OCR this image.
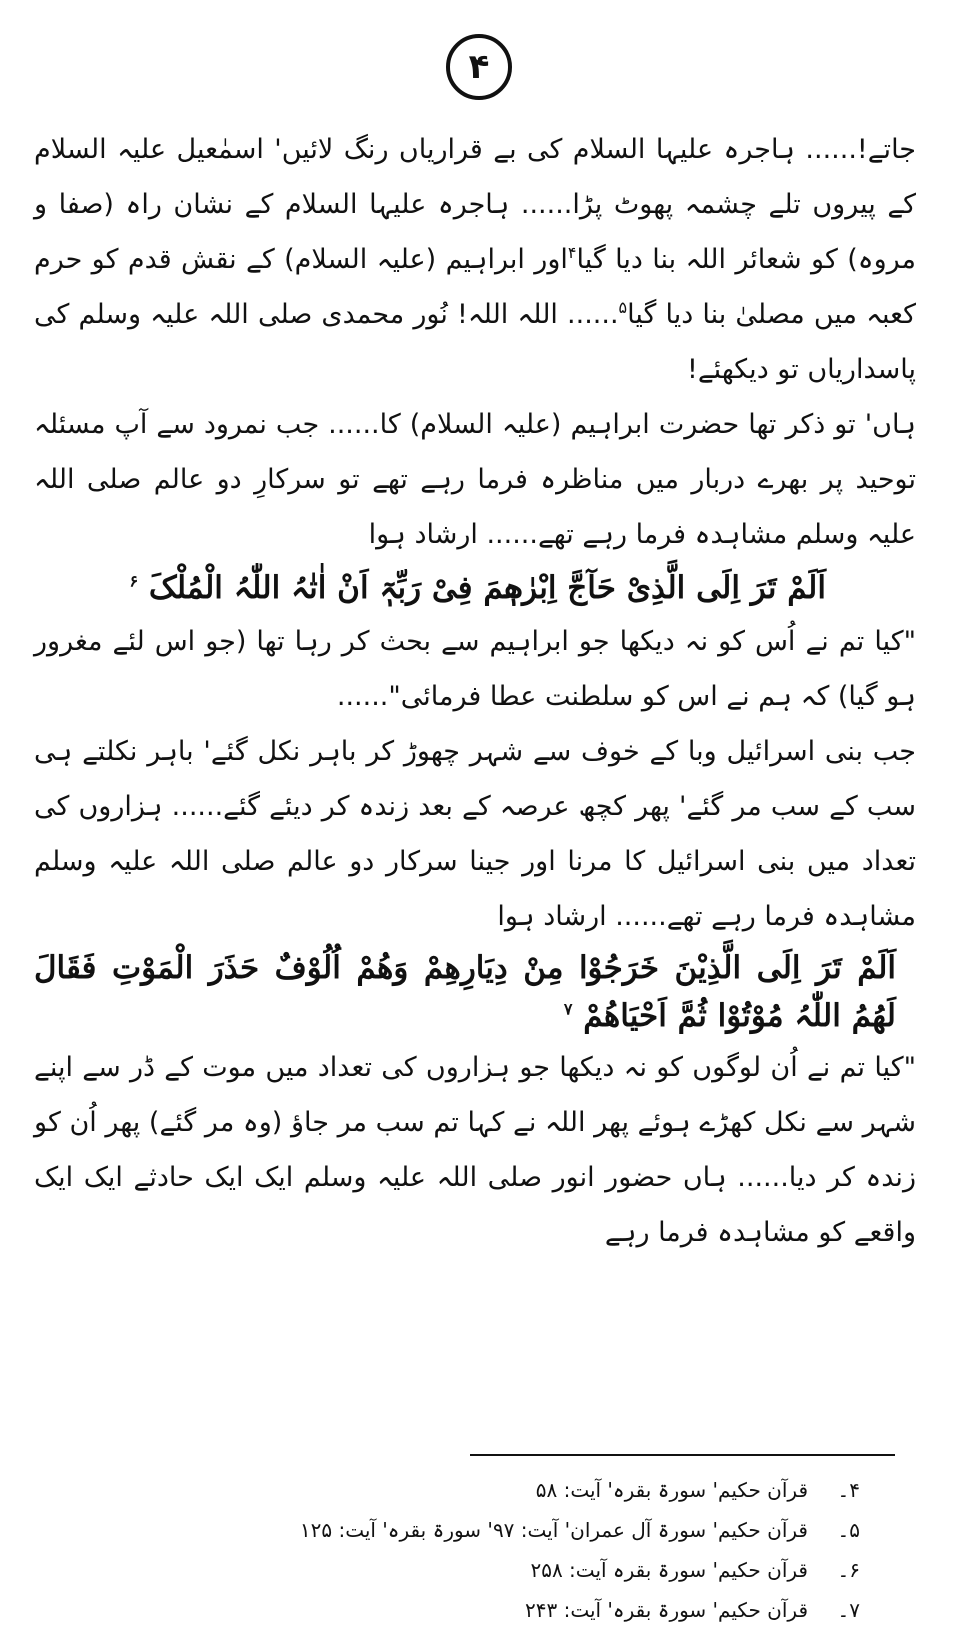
۴

جاتے!...... ہاجرہ علیہا السلام کی بے قراریاں رنگ لائیں' اسمٰعیل علیہ السلام کے پیروں تلے چشمہ پھوٹ پڑا...... ہاجرہ علیہا السلام کے نشان راہ (صفا و مروہ) کو شعائر اللہ بنا دیا گیا$^۴$اور ابراہیم (علیہ السلام) کے نقش قدم کو حرم کعبہ میں مصلیٰ بنا دیا گیا$^۵$...... اللہ اللہ! نُور محمدی صلی اللہ علیہ وسلم کی پاسداریاں تو دیکھئے!

ہاں' تو ذکر تھا حضرت ابراہیم (علیہ السلام) کا...... جب نمرود سے آپ مسئلہ توحید پر بھرے دربار میں مناظرہ فرما رہے تھے تو سرکارِ دو عالم صلی اللہ علیہ وسلم مشاہدہ فرما رہے تھے...... ارشاد ہوا

اَلَمْ تَرَ اِلَی الَّذِیْ حَآجَّ اِبْرٰھٖمَ فِیْ رَبِّہٖٓ اَنْ اٰتٰہُ اللّٰہُ الْمُلْکَ $^۶$

"کیا تم نے اُس کو نہ دیکھا جو ابراہیم سے بحث کر رہا تھا (جو اس لئے مغرور ہو گیا) کہ ہم نے اس کو سلطنت عطا فرمائی"......

جب بنی اسرائیل وبا کے خوف سے شہر چھوڑ کر باہر نکل گئے' باہر نکلتے ہی سب کے سب مر گئے' پھر کچھ عرصہ کے بعد زندہ کر دیئے گئے...... ہزاروں کی تعداد میں بنی اسرائیل کا مرنا اور جینا سرکار دو عالم صلی اللہ علیہ وسلم مشاہدہ فرما رہے تھے...... ارشاد ہوا

اَلَمْ تَرَ اِلَی الَّذِیْنَ خَرَجُوْا مِنْ دِیَارِھِمْ وَھُمْ اُلُوْفٌ حَذَرَ الْمَوْتِ فَقَالَ لَھُمُ اللّٰہُ مُوْتُوْا ثُمَّ اَحْیَاھُمْ $^۷$

"کیا تم نے اُن لوگوں کو نہ دیکھا جو ہزاروں کی تعداد میں موت کے ڈر سے اپنے شہر سے نکل کھڑے ہوئے پھر اللہ نے کہا تم سب مر جاؤ (وہ مر گئے) پھر اُن کو زندہ کر دیا...... ہاں حضور انور صلی اللہ علیہ وسلم ایک ایک حادثے ایک ایک واقعے کو مشاہدہ فرما رہے

۴۔
قرآن حکیم' سورۃ بقرہ' آیت: ۵۸
۵۔
قرآن حکیم' سورۃ آل عمران' آیت: ۹۷' سورۃ بقرہ' آیت: ۱۲۵
۶۔
قرآن حکیم' سورۃ بقرہ آیت: ۲۵۸
۷۔
قرآن حکیم' سورۃ بقرہ' آیت: ۲۴۳
